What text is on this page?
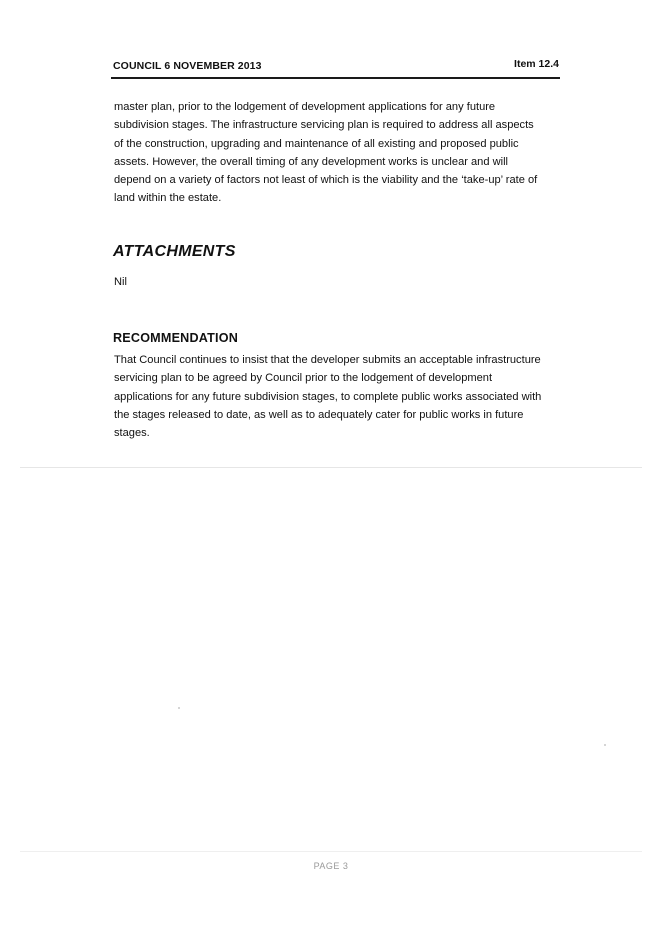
COUNCIL 6 NOVEMBER 2013	Item 12.4
master plan, prior to the lodgement of development applications for any future
subdivision stages. The infrastructure servicing plan is required to address all aspects
of the construction, upgrading and maintenance of all existing and proposed public
assets. However, the overall timing of any development works is unclear and will
depend on a variety of factors not least of which is the viability and the ‘take-up’ rate of
land within the estate.
ATTACHMENTS
Nil
RECOMMENDATION
That Council continues to insist that the developer submits an acceptable infrastructure
servicing plan to be agreed by Council prior to the lodgement of development
applications for any future subdivision stages, to complete public works associated with
the stages released to date, as well as to adequately cater for public works in future
stages.
PAGE 3
